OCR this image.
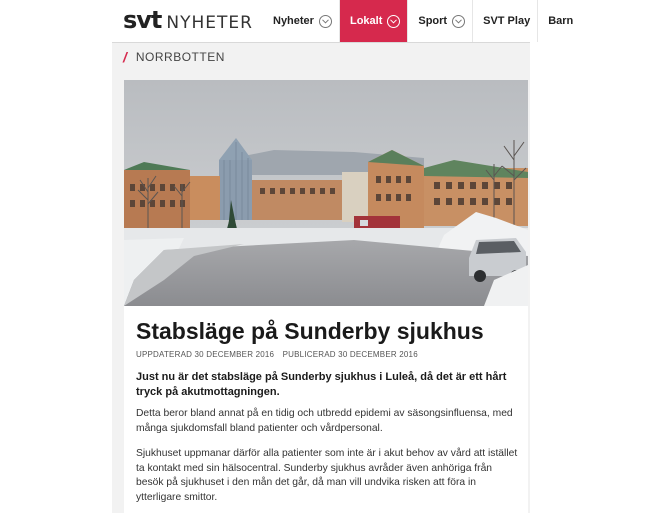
svt NYHETER Nyheter	Lokalt	Sport	SVT Play Barn
/ NORRBOTTEN
Stabsläge på Sunderby sjukhus
UPPDATERAD 30 DECEMBER 2016 PUBLICERAD 30 DECEMBER 2016

Just nu är det stabsläge på Sunderby sjukhus i Luleå, då det är ett hårt tryck på akutmottagningen.

Detta beror bland annat på en tidig och utbredd epidemi av säsongsinfluensa, med många sjukdomsfall bland patienter och vårdpersonal.

Sjukhuset uppmanar därför alla patienter som inte är i akut behov av vård att istället ta kontakt med sin hälsocentral. Sunderby sjukhus avråder även anhöriga från besök på sjukhuset i den mån det går, då man vill undvika risken att föra in ytterligare smittor.
